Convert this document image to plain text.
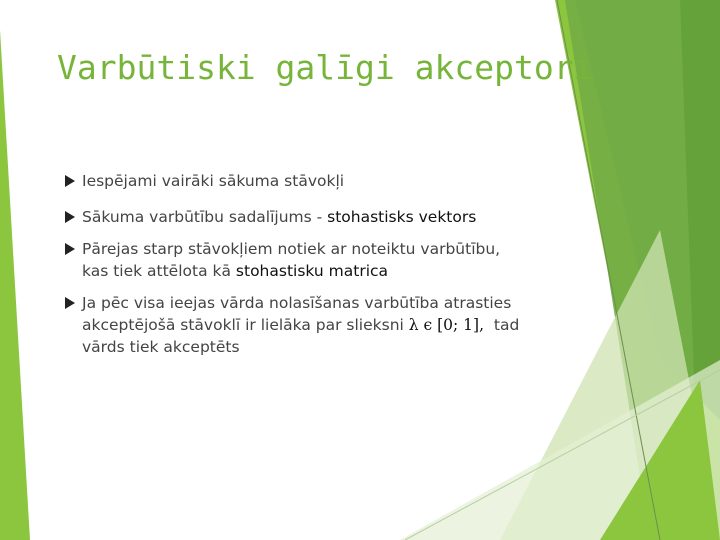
Varbūtiski galīgi akceptori
Iespējami vairāki sākuma stāvokļi
Sākuma varbūtību sadalījums - stohastisks vektors
Pārejas starp stāvokļiem notiek ar noteiktu varbūtību,
kas tiek attēlota kā stohastisku matrica
Ja pēc visa ieejas vārda nolasīšanas varbūtība atrasties
akceptējošā stāvoklī ir lielāka par slieksni λ ϵ [0; 1],  tad
vārds tiek akceptēts
